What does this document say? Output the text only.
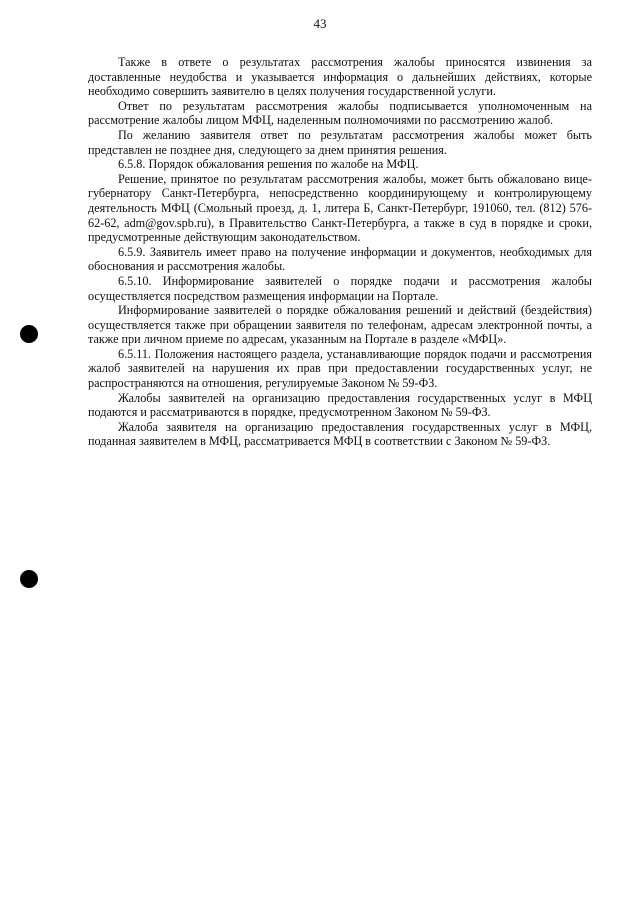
43

Также в ответе о результатах рассмотрения жалобы приносятся извинения за доставленные неудобства и указывается информация о дальнейших действиях, которые необходимо совершить заявителю в целях получения государственной услуги.

Ответ по результатам рассмотрения жалобы подписывается уполномоченным на рассмотрение жалобы лицом МФЦ, наделенным полномочиями по рассмотрению жалоб.

По желанию заявителя ответ по результатам рассмотрения жалобы может быть представлен не позднее дня, следующего за днем принятия решения.

6.5.8. Порядок обжалования решения по жалобе на МФЦ.

Решение, принятое по результатам рассмотрения жалобы, может быть обжаловано вице-губернатору Санкт-Петербурга, непосредственно координирующему и контролирующему деятельность МФЦ (Смольный проезд, д. 1, литера Б, Санкт-Петербург, 191060, тел. (812) 576-62-62, adm@gov.spb.ru), в Правительство Санкт-Петербурга, а также в суд в порядке и сроки, предусмотренные действующим законодательством.

6.5.9. Заявитель имеет право на получение информации и документов, необходимых для обоснования и рассмотрения жалобы.

6.5.10. Информирование заявителей о порядке подачи и рассмотрения жалобы осуществляется посредством размещения информации на Портале.

Информирование заявителей о порядке обжалования решений и действий (бездействия) осуществляется также при обращении заявителя по телефонам, адресам электронной почты, а также при личном приеме по адресам, указанным на Портале в разделе «МФЦ».

6.5.11. Положения настоящего раздела, устанавливающие порядок подачи и рассмотрения жалоб заявителей на нарушения их прав при предоставлении государственных услуг, не распространяются на отношения, регулируемые Законом № 59-ФЗ.

Жалобы заявителей на организацию предоставления государственных услуг в МФЦ подаются и рассматриваются в порядке, предусмотренном Законом № 59-ФЗ.

Жалоба заявителя на организацию предоставления государственных услуг в МФЦ, поданная заявителем в МФЦ, рассматривается МФЦ в соответствии с Законом № 59-ФЗ.
